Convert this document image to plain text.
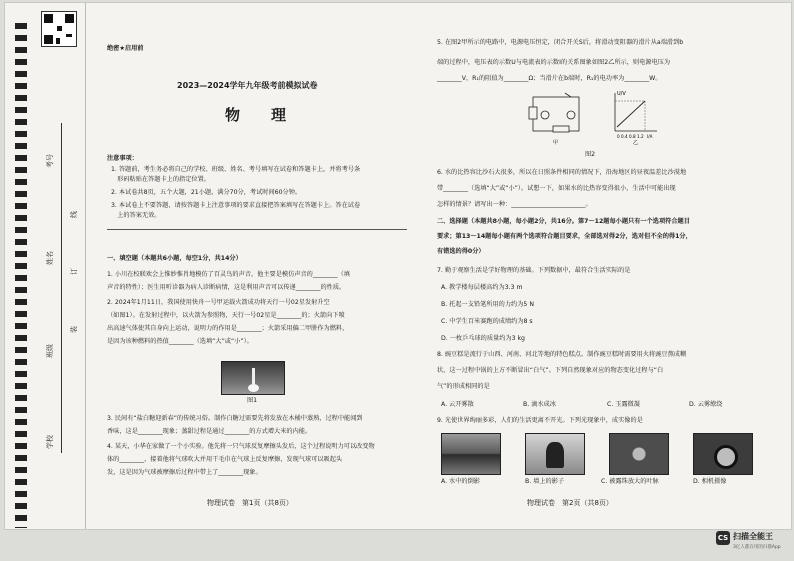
考号
姓名
班级
学校
线
订
装
绝密★启用前
2023—2024学年九年级考前模拟试卷
物　理
注意事项：
1. 答题前，考生务必将自己的学校、班级、姓名、考号填写在试卷和答题卡上，并将考号条
　形码粘贴在答题卡上的指定位置。
2. 本试卷共8页，五个大题，21小题，满分70分，考试时间60分钟。
3. 本试卷上不要答题，请按答题卡上注意事项的要求直接把答案填写在答题卡上。答在试卷
　上的答案无效。
一、填空题（本题共6小题，每空1分，共14分）
1. 小川在校联欢会上惟妙惟肖地模仿了百灵鸟的声音，他主要是模仿声音的________（填
声音的特性）；医生用听诊器为病人诊断病情，这是利用声音可以传递________的性质。
2. 2024年1月11日，我国使用快舟一号甲运载火箭成功将天行一号02星发射升空
（如图1）。在发射过程中，以火箭为参照物，天行一号02星是________的；火箭向下喷
出高速气体使其自身向上运动，说明力的作用是________；火箭采用偏二甲肼作为燃料，
是因为该种燃料的热值________（选填“大”或“小”）。
图1
3. 民间有“盐白糖迎新春”的传统习俗。制作白糖过需要先将发放在木桶中蒸熟，过程中能闻到
香味，这是________现象；蒸甜过程是通过________的方式增大米的内能。
4. 某天，小华在家做了一个小实验。他先将一只气球反复摩擦头发后，这个过程说明力可以改变物
体的________，接着他将气球吹大并用干毛巾在气球上反复摩擦，发现气球可以吸起头
发，这是因为气球被摩擦后过程中带上了________现象。
物理试卷　第1页（共8页）
5. 在图2甲所示的电路中，电源电压恒定，闭合开关S后，将滑动变阻器的滑片从a端滑到b
端的过程中，电压表的示数U与电流表的示数I的关系图象如图2乙所示，则电源电压为
________V，R₁的阻值为________Ω；当滑片在b端时，R₁的电功率为________W。
U/V
0 0.4 0.8 1.2 I/A
甲	乙
图2
6. 水的比热容比沙石大很多，所以在日照条件相同的情况下，沿海地区的昼夜温差比沙漠地
带________（选填“大”或“小”）。试想一下，如果水的比热容变得很小，生活中可能出现
怎样的情景？请写出一种：________________________。
二、选择题（本题共8小题，每小题2分，共16分。第7～12题每小题只有一个选项符合题目
要求；第13～14题每小题有两个选项符合题目要求，全部选对得2分，选对但不全的得1分，
有错选的得0分）
7. 勤于观察生活是学好物理的基础。下列数据中，最符合生活实际的是
A. 教学楼每层楼高约为3.3 m
B. 托起一支铅笔所用的力约为5 N
C. 中学生百米赛跑的成绩约为8 s
D. 一枚乒乓球的质量约为3 kg
8. 豌豆糕是流行于山西、河南、河北等地的特色糕点。制作豌豆糕时需要用火将豌豆熬成糊
状，这一过程中锅的上方不断冒出“白气”。下列自然现象对应的物态变化过程与“白
气”的形成相同的是
A. 云开雾散	B. 滴水成冰	C. 玉露微凝	D. 云雾缭绕
9. 光使世界绚丽多彩，人们的生活更离不开光。下列光现象中，成实像的是
A. 水中的倒影	B. 墙上的影子	C. 被露珠放大的叶脉	D. 相机摄像
物理试卷　第2页（共8页）
CS 扫描全能王
3亿人都在用的扫描App
